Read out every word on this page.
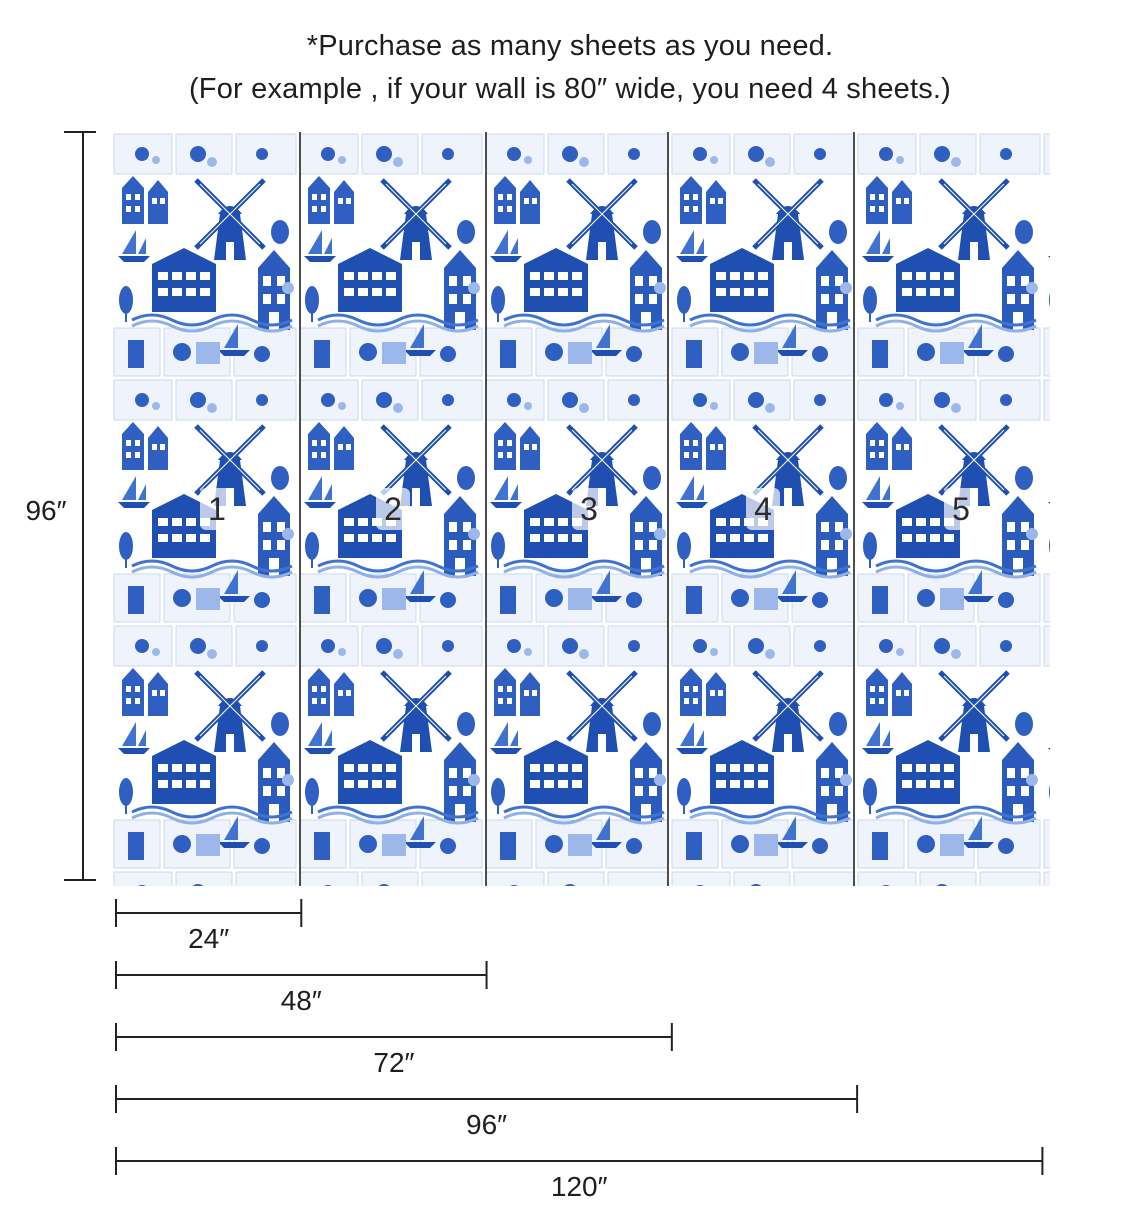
*Purchase as many sheets as you need.
(For example , if your wall is 80″ wide, you need 4 sheets.)
1	2	3	4	5
96″
24″
48″
72″
96″
120″
